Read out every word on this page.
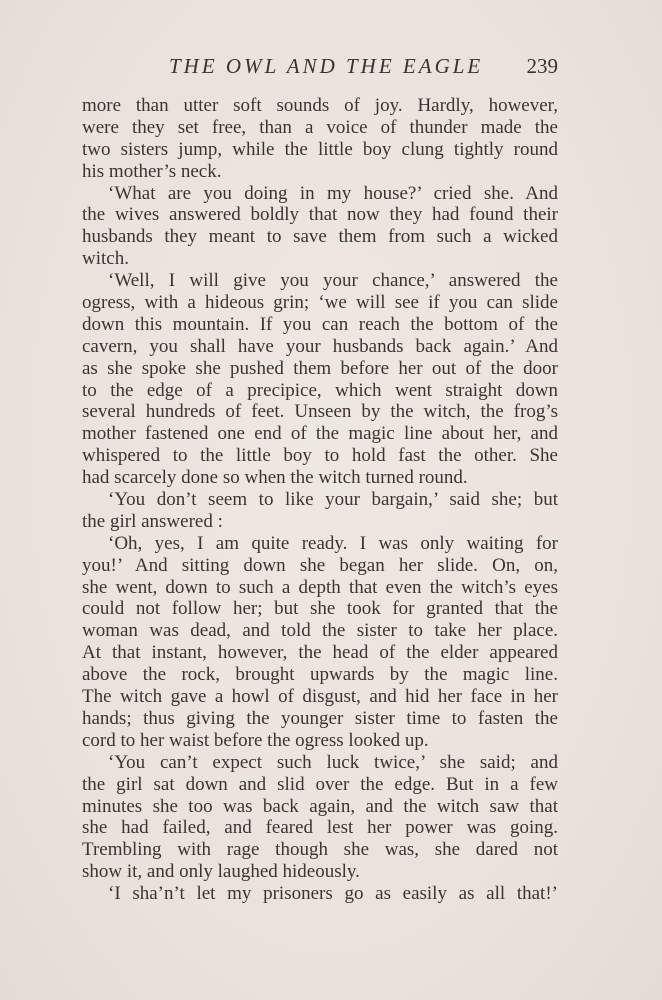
THE OWL AND THE EAGLE 239
more than utter soft sounds of joy. Hardly, however,
were they set free, than a voice of thunder made the
two sisters jump, while the little boy clung tightly round
his mother’s neck.
‘What are you doing in my house?’ cried she. And
the wives answered boldly that now they had found their
husbands they meant to save them from such a wicked
witch.
‘Well, I will give you your chance,’ answered the
ogress, with a hideous grin; ‘we will see if you can slide
down this mountain. If you can reach the bottom of the
cavern, you shall have your husbands back again.’ And
as she spoke she pushed them before her out of the door
to the edge of a precipice, which went straight down
several hundreds of feet. Unseen by the witch, the frog’s
mother fastened one end of the magic line about her, and
whispered to the little boy to hold fast the other. She
had scarcely done so when the witch turned round.
‘You don’t seem to like your bargain,’ said she; but
the girl answered :
‘Oh, yes, I am quite ready. I was only waiting for
you!’ And sitting down she began her slide. On, on,
she went, down to such a depth that even the witch’s eyes
could not follow her; but she took for granted that the
woman was dead, and told the sister to take her place.
At that instant, however, the head of the elder appeared
above the rock, brought upwards by the magic line.
The witch gave a howl of disgust, and hid her face in her
hands; thus giving the younger sister time to fasten the
cord to her waist before the ogress looked up.
‘You can’t expect such luck twice,’ she said; and
the girl sat down and slid over the edge. But in a few
minutes she too was back again, and the witch saw that
she had failed, and feared lest her power was going.
Trembling with rage though she was, she dared not
show it, and only laughed hideously.
‘I sha’n’t let my prisoners go as easily as all that!’
